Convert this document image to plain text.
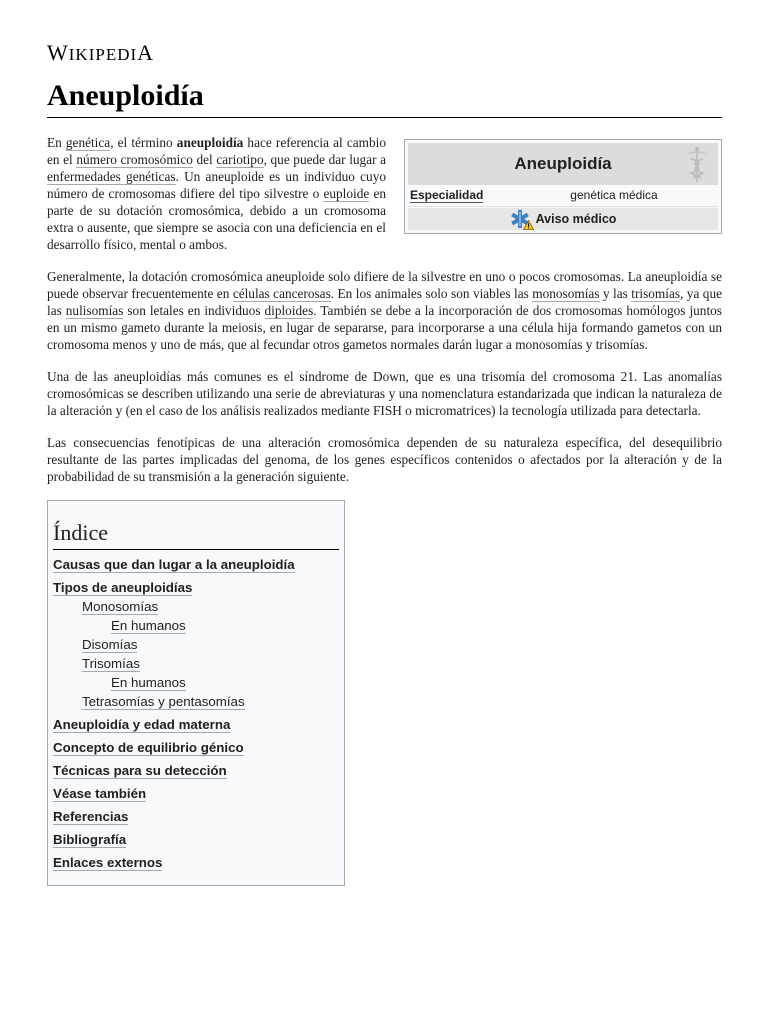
WIKIPEDIA
Aneuploidía
Aneuploidía
Especialidad	genética médica
Aviso médico

En genética, el término aneuploidía hace referencia al cambio en el número cromosómico del cariotipo, que puede dar lugar a enfermedades genéticas. Un aneuploide es un individuo cuyo número de cromosomas difiere del tipo silvestre o euploide en parte de su dotación cromosómica, debido a un cromosoma extra o ausente, que siempre se asocia con una deficiencia en el desarrollo físico, mental o ambos.

Generalmente, la dotación cromosómica aneuploide solo difiere de la silvestre en uno o pocos cromosomas. La aneuploidía se puede observar frecuentemente en células cancerosas. En los animales solo son viables las monosomías y las trisomías, ya que las nulisomías son letales en individuos diploides. También se debe a la incorporación de dos cromosomas homólogos juntos en un mismo gameto durante la meiosis, en lugar de separarse, para incorporarse a una célula hija formando gametos con un cromosoma menos y uno de más, que al fecundar otros gametos normales darán lugar a monosomías y trisomías.

Una de las aneuploidías más comunes es el síndrome de Down, que es una trisomía del cromosoma 21. Las anomalías cromosómicas se describen utilizando una serie de abreviaturas y una nomenclatura estandarizada que indican la naturaleza de la alteración y (en el caso de los análisis realizados mediante FISH o micromatrices) la tecnología utilizada para detectarla.

Las consecuencias fenotípicas de una alteración cromosómica dependen de su naturaleza específica, del desequilibrio resultante de las partes implicadas del genoma, de los genes específicos contenidos o afectados por la alteración y de la probabilidad de su transmisión a la generación siguiente.

Índice
Causas que dan lugar a la aneuploidía
Tipos de aneuploidías
Monosomías
En humanos
Disomías
Trisomías
En humanos
Tetrasomías y pentasomías
Aneuploidía y edad materna
Concepto de equilibrio génico
Técnicas para su detección
Véase también
Referencias
Bibliografía
Enlaces externos
